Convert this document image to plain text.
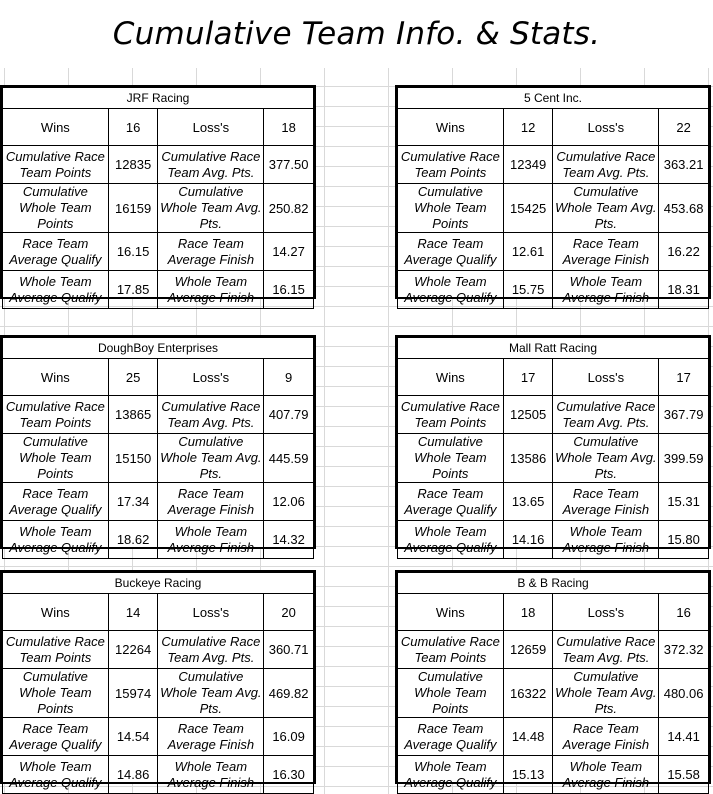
Cumulative Team Info. & Stats.
JRF Racing			
Wins	16	Loss's	18
Cumulative Race Team Points	12835	Cumulative Race Team Avg. Pts.	377.50
Cumulative Whole Team Points	16159	Cumulative Whole Team Avg. Pts.	250.82
Race Team Average Qualify	16.15	Race Team Average Finish	14.27
Whole Team Average Qualify	17.85	Whole Team Average Finish	16.15
5 Cent Inc.			
Wins	12	Loss's	22
Cumulative Race Team Points	12349	Cumulative Race Team Avg. Pts.	363.21
Cumulative Whole Team Points	15425	Cumulative Whole Team Avg. Pts.	453.68
Race Team Average Qualify	12.61	Race Team Average Finish	16.22
Whole Team Average Qualify	15.75	Whole Team Average Finish	18.31
DoughBoy Enterprises			
Wins	25	Loss's	9
Cumulative Race Team Points	13865	Cumulative Race Team Avg. Pts.	407.79
Cumulative Whole Team Points	15150	Cumulative Whole Team Avg. Pts.	445.59
Race Team Average Qualify	17.34	Race Team Average Finish	12.06
Whole Team Average Qualify	18.62	Whole Team Average Finish	14.32
Mall Ratt Racing			
Wins	17	Loss's	17
Cumulative Race Team Points	12505	Cumulative Race Team Avg. Pts.	367.79
Cumulative Whole Team Points	13586	Cumulative Whole Team Avg. Pts.	399.59
Race Team Average Qualify	13.65	Race Team Average Finish	15.31
Whole Team Average Qualify	14.16	Whole Team Average Finish	15.80
Buckeye Racing			
Wins	14	Loss's	20
Cumulative Race Team Points	12264	Cumulative Race Team Avg. Pts.	360.71
Cumulative Whole Team Points	15974	Cumulative Whole Team Avg. Pts.	469.82
Race Team Average Qualify	14.54	Race Team Average Finish	16.09
Whole Team Average Qualify	14.86	Whole Team Average Finish	16.30
B & B Racing			
Wins	18	Loss's	16
Cumulative Race Team Points	12659	Cumulative Race Team Avg. Pts.	372.32
Cumulative Whole Team Points	16322	Cumulative Whole Team Avg. Pts.	480.06
Race Team Average Qualify	14.48	Race Team Average Finish	14.41
Whole Team Average Qualify	15.13	Whole Team Average Finish	15.58
